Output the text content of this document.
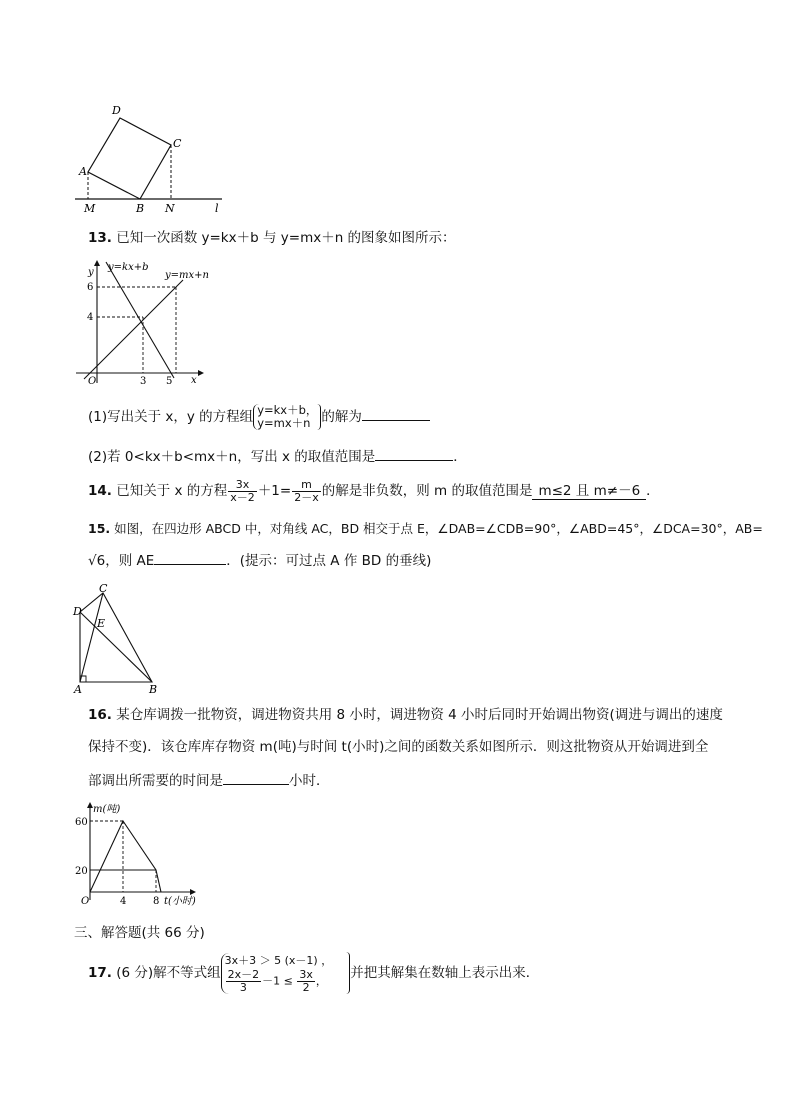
D
C
A
M	B N	l
13. 已知一次函数 y=kx＋b 与 y=mx＋n 的图象如图所示：
y=kx+b
y=mx+n
y
x
O	3 5
6
4
(1)写出关于 x，y 的方程组 y=kx＋b，
y=mx＋n 的解为
(2)若 0<kx＋b<mx＋n，写出 x 的取值范围是	．
14. 已知关于 x 的方程 $\frac{3x}{x-2} +1= \frac{m}{2-x}$ 的解是非负数，则 m 的取值范围是 m≤2 且 m≠－6 ．
15. 如图，在四边形 ABCD 中，对角线 AC，BD 相交于点 E，∠DAB=∠CDB=90°，∠ABD=45°，∠DCA=30°，AB=
√6，则 AE	．(提示：可过点 A 作 BD 的垂线)
C
D
E
A	B
16. 某仓库调拨一批物资，调进物资共用 8 小时，调进物资 4 小时后同时开始调出物资(调进与调出的速度
保持不变)．该仓库库存物资 m(吨)与时间 t(小时)之间的函数关系如图所示．则这批物资从开始调进到全
部调出所需要的时间是	小时．
m(吨)
t(小时)
O
60
20
4	8
三、解答题(共 66 分)
17. (6 分)解不等式组
3x＋3 ＞ 5 (x－1) ，
$\frac{2x-2}{3} -1 \le \frac{3x}{2}$ ，	并把其解集在数轴上表示出来．
